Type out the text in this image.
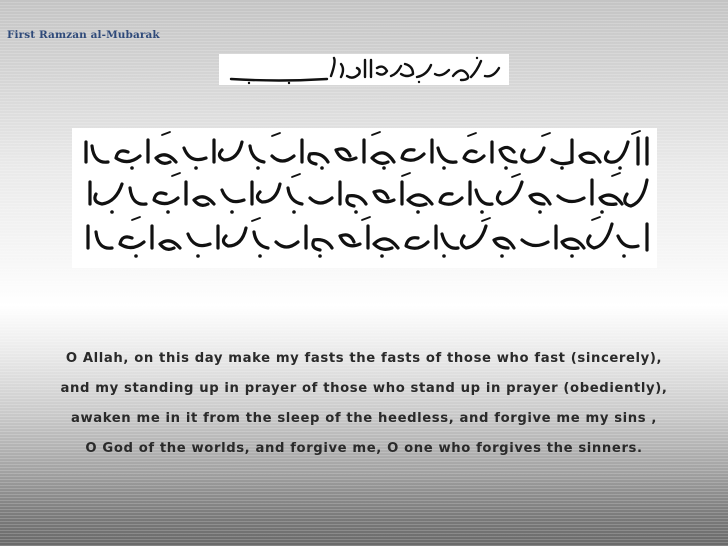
First Ramzan al-Mubarak
O Allah, on this day make my fasts the fasts of those who fast (sincerely),
and my standing up in prayer of those who stand up in prayer (obediently),
awaken me in it from the sleep of the heedless, and forgive me my sins ,
O God of the worlds, and forgive me, O one who forgives the sinners.
